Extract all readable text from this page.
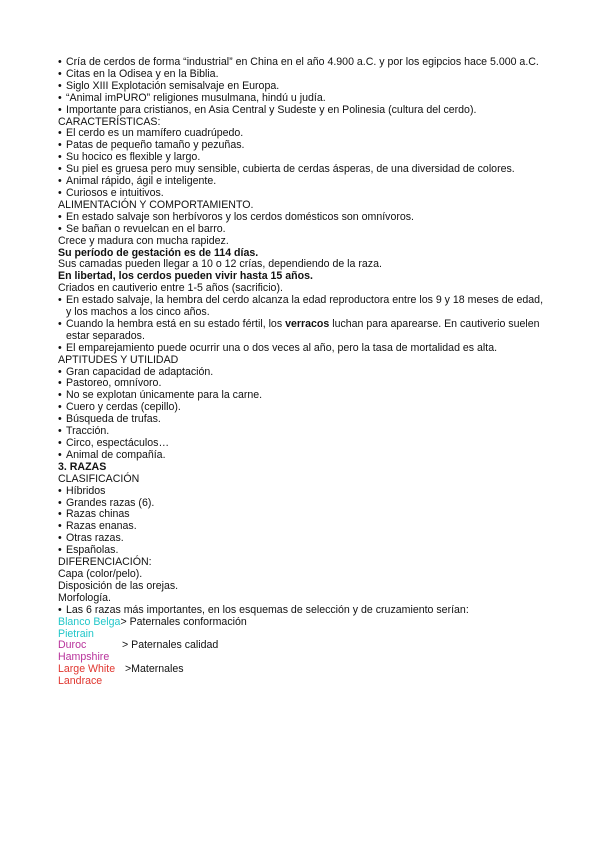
• Cría de cerdos de forma “industrial” en China en el año 4.900 a.C. y por los egipcios hace 5.000 a.C.
• Citas en la Odisea y en la Biblia.
• Siglo XIII Explotación semisalvaje en Europa.
• “Animal imPURO” religiones musulmana, hindú u judía.
• Importante para cristianos, en Asia Central y Sudeste y en Polinesia (cultura del cerdo).
CARACTERÍSTICAS:
• El cerdo es un mamífero cuadrúpedo.
• Patas de pequeño tamaño y pezuñas.
• Su hocico es flexible y largo.
• Su piel es gruesa pero muy sensible, cubierta de cerdas ásperas, de una diversidad de colores.
• Animal rápido, ágil e inteligente.
• Curiosos e intuitivos.
ALIMENTACIÓN Y COMPORTAMIENTO.
• En estado salvaje son herbívoros y los cerdos domésticos son omnívoros.
• Se bañan o revuelcan en el barro.
Crece y madura con mucha rapidez.
Su período de gestación es de 114 días.
Sus camadas pueden llegar a 10 o 12 crías, dependiendo de la raza.
En libertad, los cerdos pueden vivir hasta 15 años.
Criados en cautiverio entre 1-5 años (sacrificio).
• En estado salvaje, la hembra del cerdo alcanza la edad reproductora entre los 9 y 18 meses de edad, y los machos a los cinco años.
• Cuando la hembra está en su estado fértil, los verracos luchan para aparearse. En cautiverio suelen estar separados.
• El emparejamiento puede ocurrir una o dos veces al año, pero la tasa de mortalidad es alta.
APTITUDES Y UTILIDAD
• Gran capacidad de adaptación.
• Pastoreo, omnívoro.
• No se explotan únicamente para la carne.
• Cuero y cerdas (cepillo).
• Búsqueda de trufas.
• Tracción.
• Circo, espectáculos…
• Animal de compañía.
3. RAZAS
CLASIFICACIÓN
• Híbridos
• Grandes razas (6).
• Razas chinas
• Razas enanas.
• Otras razas.
• Españolas.
DIFERENCIACIÓN:
Capa (color/pelo).
Disposición de las orejas.
Morfología.
• Las 6 razas más importantes, en los esquemas de selección y de cruzamiento serían:
Blanco Belga> Paternales conformación
Pietrain
Duroc	> Paternales calidad
Hampshire
Large White >Maternales
Landrace
